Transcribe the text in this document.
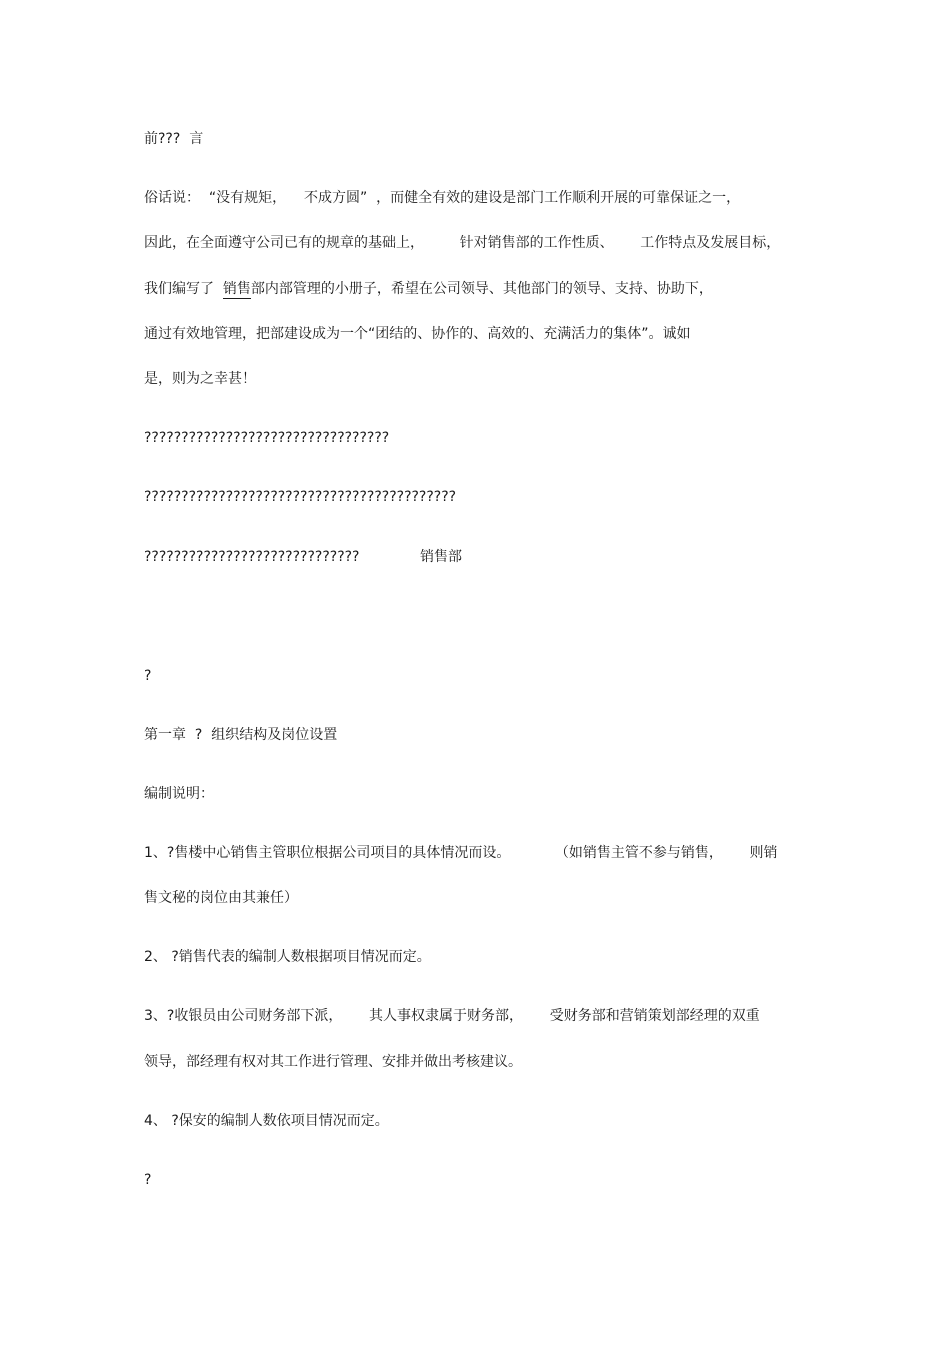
前???  言
俗话说：  “没有规矩，    不成方圆”  ，而健全有效的建设是部门工作顺利开展的可靠保证之一，
因此，在全面遵守公司已有的规章的基础上，        针对销售部的工作性质、      工作特点及发展目标，
我们编写了  销售部内部管理的小册子，希望在公司领导、其他部门的领导、支持、协助下，
通过有效地管理，把部建设成为一个“团结的、协作的、高效的、充满活力的集体”。诚如
是，则为之幸甚！
?????????????????????????????????
??????????????????????????????????????????
?????????????????????????????	销售部
?
第一章  ?  组织结构及岗位设置
编制说明：
1、?售楼中心销售主管职位根据公司项目的具体情况而设。          （如销售主管不参与销售，      则销
售文秘的岗位由其兼任）
2、 ?销售代表的编制人数根据项目情况而定。
3、?收银员由公司财务部下派，      其人事权隶属于财务部，      受财务部和营销策划部经理的双重
领导，部经理有权对其工作进行管理、安排并做出考核建议。
4、 ?保安的编制人数依项目情况而定。
?
